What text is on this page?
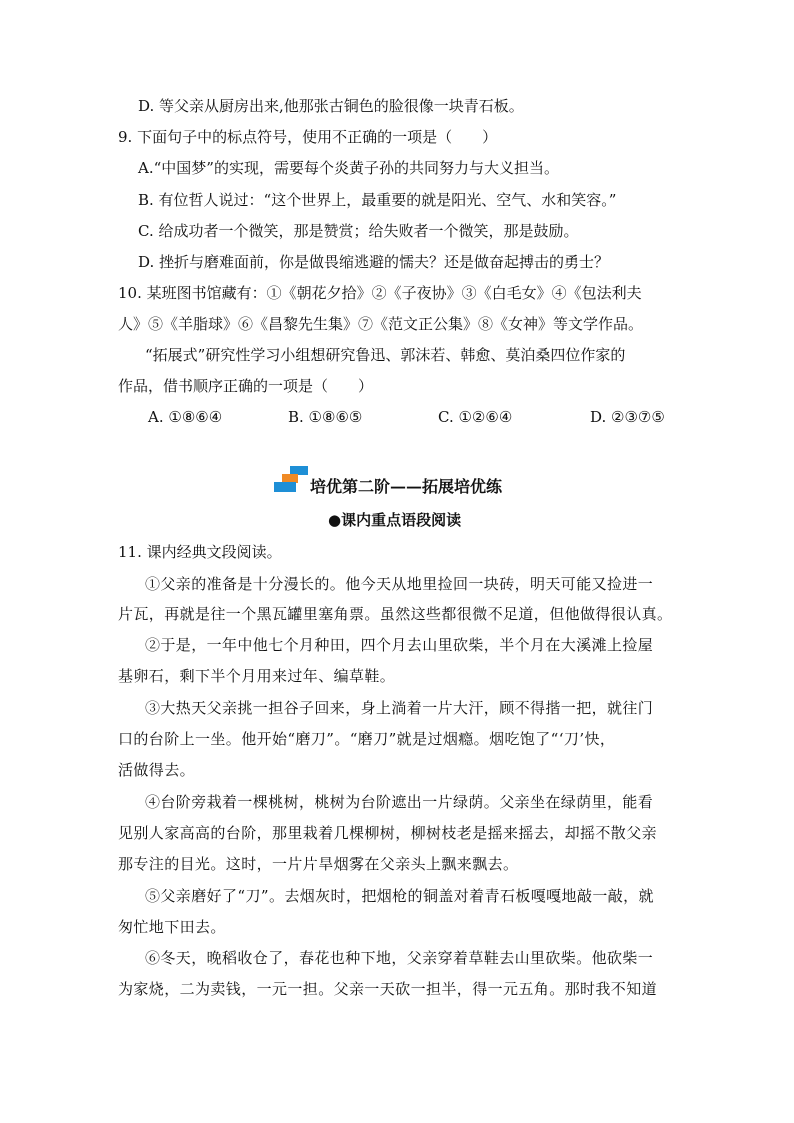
D. 等父亲从厨房出来,他那张古铜色的脸很像一块青石板。
9. 下面句子中的标点符号，使用不正确的一项是（　　）
A.“中国梦”的实现，需要每个炎黄子孙的共同努力与大义担当。
B. 有位哲人说过：“这个世界上，最重要的就是阳光、空气、水和笑容。”
C. 给成功者一个微笑，那是赞赏；给失败者一个微笑，那是鼓励。
D. 挫折与磨难面前，你是做畏缩逃避的懦夫？还是做奋起搏击的勇士？
10. 某班图书馆藏有：①《朝花夕拾》②《子夜协》③《白毛女》④《包法利夫
人》⑤《羊脂球》⑥《昌黎先生集》⑦《范文正公集》⑧《女神》等文学作品。
“拓展式”研究性学习小组想研究鲁迅、郭沫若、韩愈、莫泊桑四位作家的
作品，借书顺序正确的一项是（　　）
A. ①⑧⑥④	B. ①⑧⑥⑤	C. ①②⑥④	D. ②③⑦⑤
培优第二阶——拓展培优练
●课内重点语段阅读
11. 课内经典文段阅读。
①父亲的准备是十分漫长的。他今天从地里捡回一块砖，明天可能又捡进一
片瓦，再就是往一个黑瓦罐里塞角票。虽然这些都很微不足道，但他做得很认真。
②于是，一年中他七个月种田，四个月去山里砍柴，半个月在大溪滩上捡屋
基卵石，剩下半个月用来过年、编草鞋。
③大热天父亲挑一担谷子回来，身上淌着一片大汗，顾不得揩一把，就往门
口的台阶上一坐。他开始“磨刀”。“磨刀”就是过烟瘾。烟吃饱了“‘刀’快，
活做得去。
④台阶旁栽着一棵桃树，桃树为台阶遮出一片绿荫。父亲坐在绿荫里，能看
见别人家高高的台阶，那里栽着几棵柳树，柳树枝老是摇来摇去，却摇不散父亲
那专注的目光。这时，一片片旱烟雾在父亲头上飘来飘去。
⑤父亲磨好了“刀”。去烟灰时，把烟枪的铜盖对着青石板嘎嘎地敲一敲，就
匆忙地下田去。
⑥冬天，晚稻收仓了，春花也种下地，父亲穿着草鞋去山里砍柴。他砍柴一
为家烧，二为卖钱，一元一担。父亲一天砍一担半，得一元五角。那时我不知道
